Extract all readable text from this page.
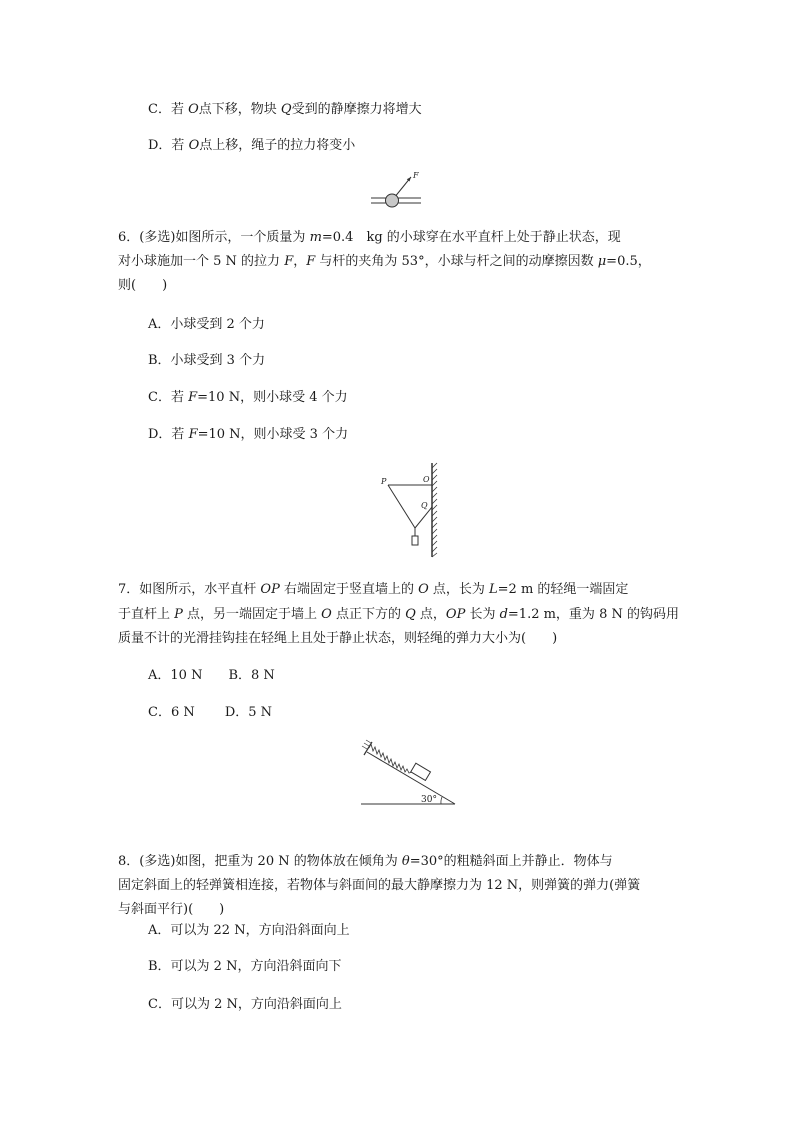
C．若 O点下移，物块 Q受到的静摩擦力将增大
D．若 O点上移，绳子的拉力将变小
F
6．(多选)如图所示，一个质量为 m=0.4　kg 的小球穿在水平直杆上处于静止状态，现
对小球施加一个 5 N 的拉力 F，F 与杆的夹角为 53°，小球与杆之间的动摩擦因数 μ=0.5，
则(　　)
A．小球受到 2 个力
B．小球受到 3 个力
C．若 F=10 N，则小球受 4 个力
D．若 F=10 N，则小球受 3 个力
P	O
Q
7．如图所示，水平直杆 OP 右端固定于竖直墙上的 O 点，长为 L=2 m 的轻绳一端固定
于直杆上 P 点，另一端固定于墙上 O 点正下方的 Q 点，OP 长为 d=1.2 m，重为 8 N 的钩码用
质量不计的光滑挂钩挂在轻绳上且处于静止状态，则轻绳的弹力大小为(　　)
A．10 N　　B．8 N
C．6 N　　 D．5 N
30°
8．(多选)如图，把重为 20 N 的物体放在倾角为 θ=30°的粗糙斜面上并静止．物体与
固定斜面上的轻弹簧相连接，若物体与斜面间的最大静摩擦力为 12 N，则弹簧的弹力(弹簧
与斜面平行)(　　)
A．可以为 22 N，方向沿斜面向上
B．可以为 2 N，方向沿斜面向下
C．可以为 2 N，方向沿斜面向上
